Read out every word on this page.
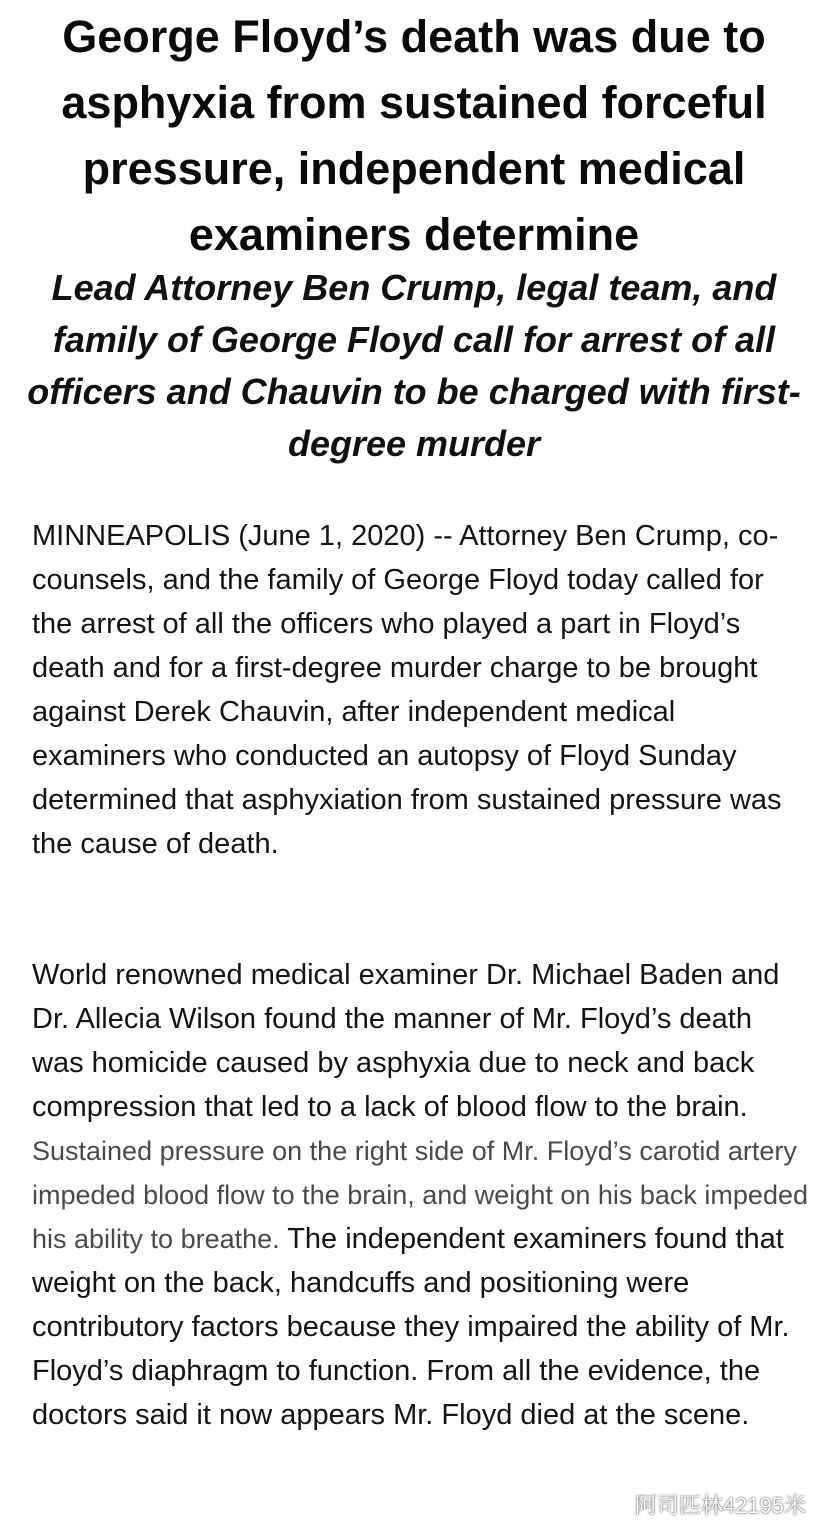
George Floyd’s death was due to asphyxia from sustained forceful pressure, independent medical examiners determine
Lead Attorney Ben Crump, legal team, and family of George Floyd call for arrest of all officers and Chauvin to be charged with first-degree murder

MINNEAPOLIS (June 1, 2020) -- Attorney Ben Crump, co-counsels, and the family of George Floyd today called for the arrest of all the officers who played a part in Floyd’s death and for a first-degree murder charge to be brought against Derek Chauvin, after independent medical examiners who conducted an autopsy of Floyd Sunday determined that asphyxiation from sustained pressure was the cause of death.

World renowned medical examiner Dr. Michael Baden and Dr. Allecia Wilson found the manner of Mr. Floyd’s death was homicide caused by asphyxia due to neck and back compression that led to a lack of blood flow to the brain. Sustained pressure on the right side of Mr. Floyd’s carotid artery impeded blood flow to the brain, and weight on his back impeded his ability to breathe. The independent examiners found that weight on the back, handcuffs and positioning were contributory factors because they impaired the ability of Mr. Floyd’s diaphragm to function. From all the evidence, the doctors said it now appears Mr. Floyd died at the scene.

阿司匹林42195米
